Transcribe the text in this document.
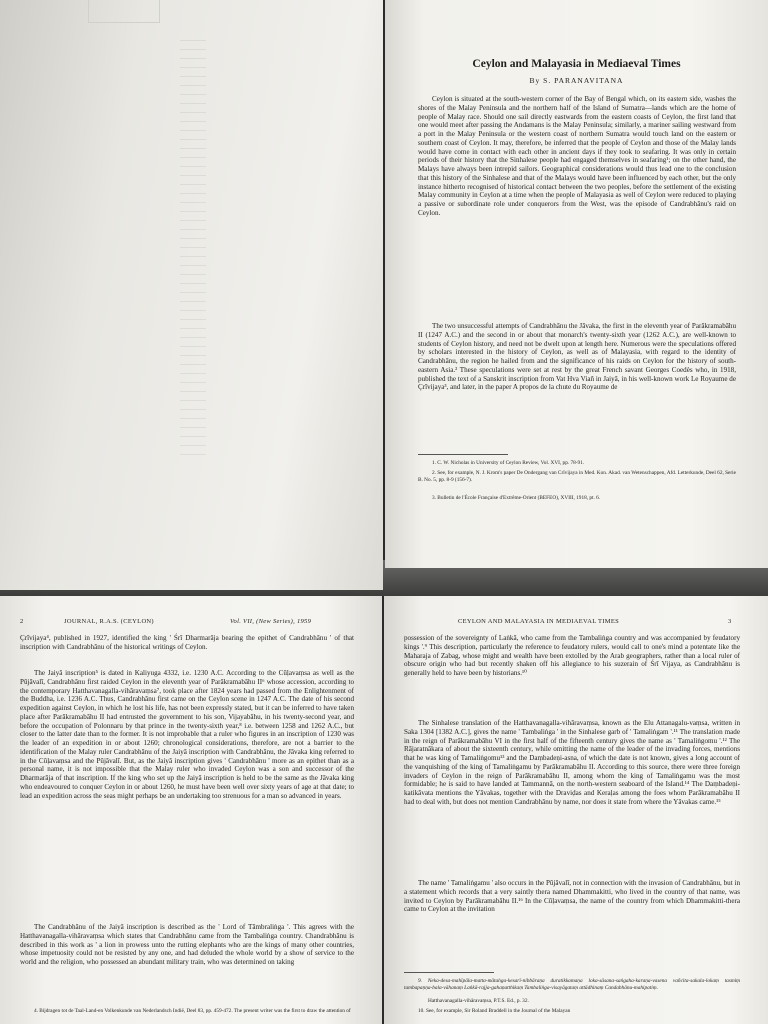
Ceylon and Malayasia in Mediaeval Times
By S. PARANAVITANA

Ceylon is situated at the south-western corner of the Bay of Bengal which, on its eastern side, washes the shores of the Malay Peninsula and the northern half of the Island of Sumatra—lands which are the home of people of Malay race. Should one sail directly eastwards from the eastern coasts of Ceylon, the first land that one would meet after passing the Andamans is the Malay Peninsula; similarly, a mariner sailing westward from a port in the Malay Peninsula or the western coast of northern Sumatra would touch land on the eastern or southern coast of Ceylon. It may, therefore, be inferred that the people of Ceylon and those of the Malay lands would have come in contact with each other in ancient days if they took to seafaring. It was only in certain periods of their history that the Sinhalese people had engaged themselves in seafaring¹; on the other hand, the Malays have always been intrepid sailors. Geographical considerations would thus lead one to the conclusion that this history of the Sinhalese and that of the Malays would have been influenced by each other, but the only instance hitherto recognised of historical contact between the two peoples, before the settlement of the existing Malay community in Ceylon at a time when the people of Malayasia as well of Ceylon were reduced to playing a passive or subordinate role under conquerors from the West, was the episode of Candrabhānu's raid on Ceylon.

The two unsuccessful attempts of Candrabhānu the Jāvaka, the first in the eleventh year of Parākramabāhu II (1247 A.C.) and the second in or about that monarch's twenty-sixth year (1262 A.C.), are well-known to students of Ceylon history, and need not be dwelt upon at length here. Numerous were the speculations offered by scholars interested in the history of Ceylon, as well as of Malayasia, with regard to the identity of Candrabhānu, the region he hailed from and the significance of his raids on Ceylon for the history of south-eastern Asia.² These speculations were set at rest by the great French savant Georges Coedès who, in 1918, published the text of a Sanskrit inscription from Vat Hva Viañ in Jaiyā, in his well-known work Le Royaume de Çrīvijaya³, and later, in the paper A propos de la chute du Royaume de

1. C. W. Nicholas in University of Ceylon Review, Vol. XVI, pp. 78-91.

2. See, for example, N. J. Krom's paper De Ondergang van Crīvijaya in Med. Kon. Akad. van Wetenschappen, Afd. Letterkunde, Deel 62, Serie B. No. 5, pp. 8-9 (156-7).

3. Bulletin de l'École Française d'Extrême-Orient (BEFEO), XVIII, 1918, pt. 6.

2	JOURNAL, R.A.S. (CEYLON)	Vol. VII, (New Series), 1959

Çrīvijaya⁴, published in 1927, identified the king ' Śrī Dharmarāja bearing the epithet of Candrabhānu ' of that inscription with Candrabhānu of the historical writings of Ceylon.

The Jaiyā inscription⁵ is dated in Kaliyuga 4332, i.e. 1230 A.C. According to the Cūḷavaṃsa as well as the Pūjāvalī, Candrabhānu first raided Ceylon in the eleventh year of Parākramabāhu II⁶ whose accession, according to the contemporary Hatthavanagalla-vihāravaṃsa⁷, took place after 1824 years had passed from the Enlightenment of the Buddha, i.e. 1236 A.C. Thus, Candrabhānu first came on the Ceylon scene in 1247 A.C. The date of his second expedition against Ceylon, in which he lost his life, has not been expressly stated, but it can be inferred to have taken place after Parākramabāhu II had entrusted the government to his son, Vijayabāhu, in his twenty-second year, and before the occupation of Polonnaru by that prince in the twenty-sixth year,⁸ i.e. between 1258 and 1262 A.C., but closer to the latter date than to the former. It is not improbable that a ruler who figures in an inscription of 1230 was the leader of an expedition in or about 1260; chronological considerations, therefore, are not a barrier to the identification of the Malay ruler Candrabhānu of the Jaiyā inscription with Candrabhānu, the Jāvaka king referred to in the Cūḷavaṃsa and the Pūjāvalī. But, as the Jaiyā inscription gives ' Candrabhānu ' more as an epithet than as a personal name, it is not impossible that the Malay ruler who invaded Ceylon was a son and successor of the Dharmarāja of that inscription. If the king who set up the Jaiyā inscription is held to be the same as the Jāvaka king who endeavoured to conquer Ceylon in or about 1260, he must have been well over sixty years of age at that date; to lead an expedition across the seas might perhaps be an undertaking too strenuous for a man so advanced in years.

The Candrabhānu of the Jaiyā inscription is described as the ' Lord of Tāmbraliṅga '. This agrees with the Hatthavanagalla-vihāravaṃsa which states that Candrabhānu came from the Tambaliṅga country. Chandrabhānu is described in this work as ' a lion in prowess unto the rutting elephants who are the kings of many other countries, whose impetuosity could not be resisted by any one, and had deluded the whole world by a show of service to the world and the religion, who possessed an abundant military train, who was determined on taking

4. Bijdragen tot de Taal-Land-en Volkenkunde van Nederlandsch Indië, Deel 83, pp. 459-472. The present writer was the first to draw the attention of

CEYLON AND MALAYASIA IN MEDIAEVAL TIMES	3

possession of the sovereignty of Laṅkā, who came from the Tambaliṅga country and was accompanied by feudatory kings '.⁹ This description, particularly the reference to feudatory rulers, would call to one's mind a potentate like the Maharaja of Zabag, whose might and wealth have been extolled by the Arab geographers, rather than a local ruler of obscure origin who had but recently shaken off his allegiance to his suzerain of Śrī Vijaya, as Candrabhānu is generally held to have been by historians.¹⁰

The Sinhalese translation of the Hatthavanagalla-vihāravaṃsa, known as the Elu Attanagalu-vaṃsa, written in Saka 1304 [1382 A.C.], gives the name ' Tambaliṅga ' in the Sinhalese garb of ' Tamaliṅgam '.¹¹ The translation made in the reign of Parākramabāhu VI in the first half of the fifteenth century gives the name as ' Tamaliṅgomu '.¹² The Rājaratnākara of about the sixteenth century, while omitting the name of the leader of the invading forces, mentions that he was king of Tamaliṅgomu¹³ and the Daṃbadeṇi-asna, of which the date is not known, gives a long account of the vanquishing of the king of Tamaliṅgamu by Parākramabāhu II. According to this source, there were three foreign invaders of Ceylon in the reign of Parākramabāhu II, among whom the king of Tamaliṅgamu was the most formidable; he is said to have landed at Tammannā, on the north-western seaboard of the Island.¹⁴ The Daṃbadeṇi-katikāvata mentions the Yāvakas, together with the Draviḍas and Keraḷas among the foes whom Parākramabāhu II had to deal with, but does not mention Candrabhānu by name, nor does it state from where the Yāvakas came.¹⁵

The name ' Tamaliṅgamu ' also occurs in the Pūjāvalī, not in connection with the invasion of Candrabhānu, but in a statement which records that a very saintly thera named Dhammakitti, who lived in the country of that name, was invited to Ceylon by Parākramabāhu II.¹⁶ In the Cūḷavaṃsa, the name of the country from which Dhammakitti-thera came to Ceylon at the invitation

9. Neka-desa-mahīpāla-matta-mātaṅga-kesarī-nibbāraṇa duratikkamaṇa loka-sāsana-saṅgaha-karaṇa-vasena vañcita-sakala-lokaṃ tasmiṃ tambapaṇṇa-bala-vāhanaṃ Laṅkā-rajja-gahaṇatthikaṃ Tambaliṅga-visayāgataṃ attādhinaṃ Candabhānu-mahipatiṃ.

Hatthavanagalla-vihāravaṃsa, P.T.S. Ed., p. 32.

10. See, for example, Sir Roland Braddell in the Journal of the Malayan
